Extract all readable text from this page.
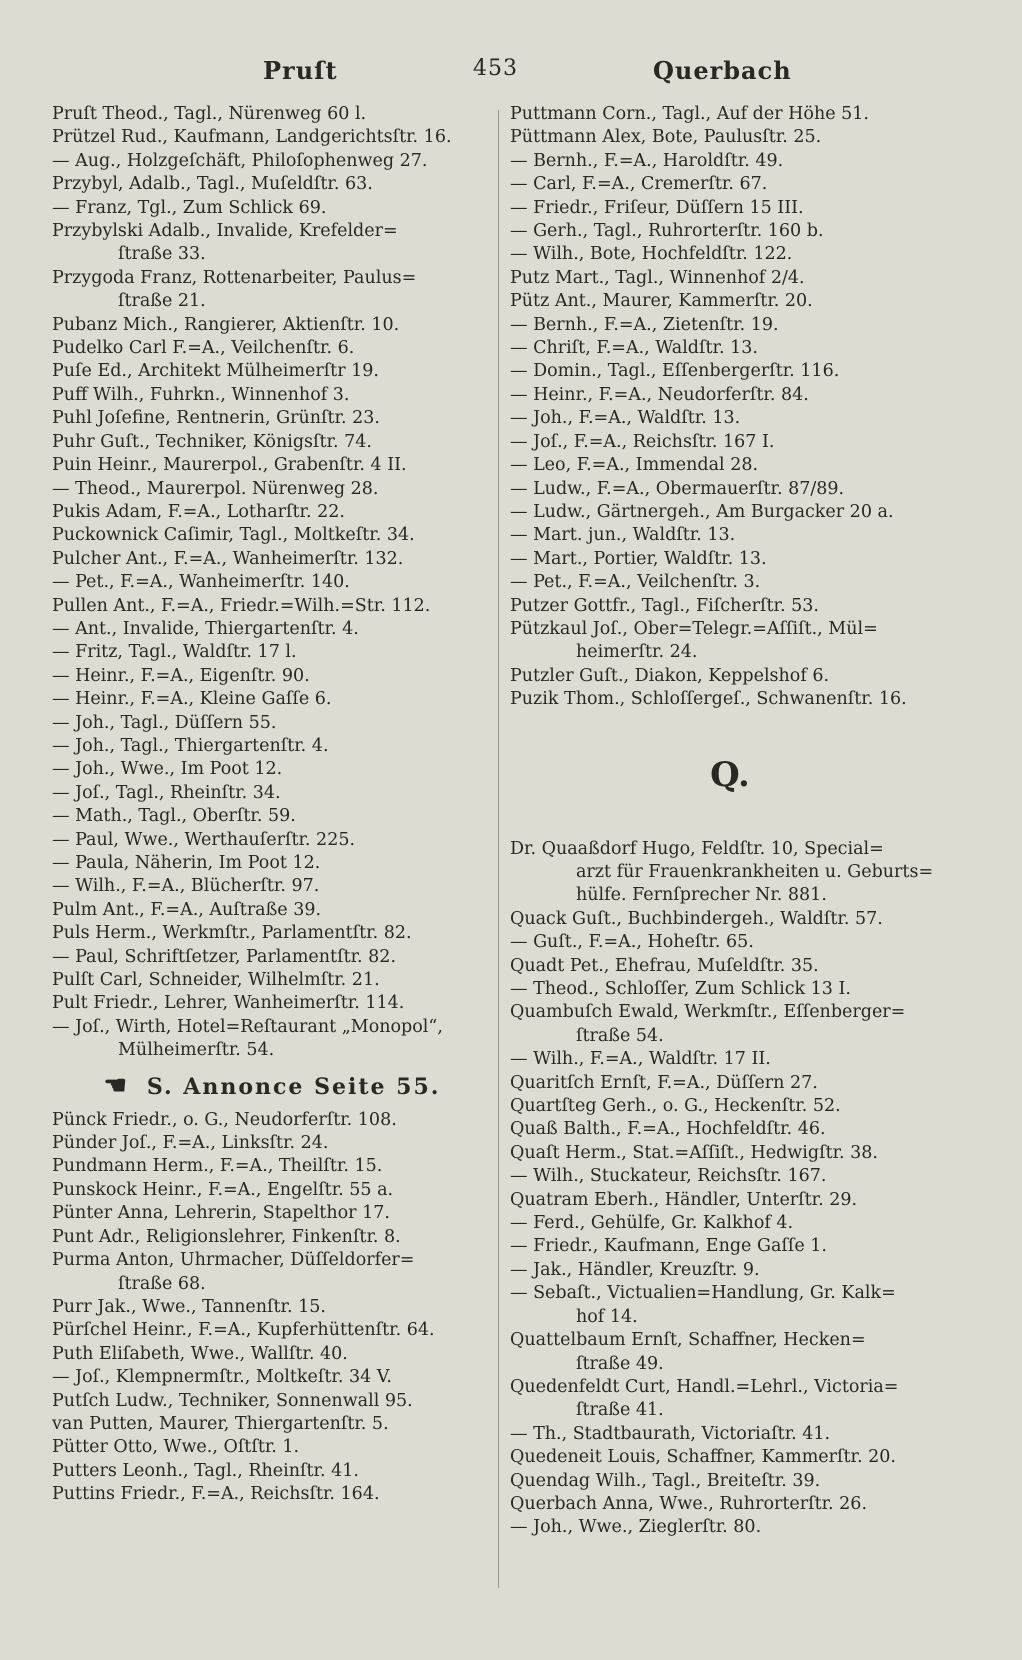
Pruſt	453	Querbach
Pruſt Theod., Tagl., Nürenweg 60 l.
Prützel Rud., Kaufmann, Landgerichtsſtr. 16.
— Aug., Holzgeſchäft, Philoſophenweg 27.
Przybyl, Adalb., Tagl., Muſeldſtr. 63.
— Franz, Tgl., Zum Schlick 69.
Przybylski Adalb., Invalide, Krefelder=
ſtraße 33.
Przygoda Franz, Rottenarbeiter, Paulus=
ſtraße 21.
Pubanz Mich., Rangierer, Aktienſtr. 10.
Pudelko Carl F.=A., Veilchenſtr. 6.
Puſe Ed., Architekt Mülheimerſtr 19.
Puff Wilh., Fuhrkn., Winnenhof 3.
Puhl Joſefine, Rentnerin, Grünſtr. 23.
Puhr Guſt., Techniker, Königsſtr. 74.
Puin Heinr., Maurerpol., Grabenſtr. 4 II.
— Theod., Maurerpol. Nürenweg 28.
Pukis Adam, F.=A., Lotharſtr. 22.
Puckownick Caſimir, Tagl., Moltkeſtr. 34.
Pulcher Ant., F.=A., Wanheimerſtr. 132.
— Pet., F.=A., Wanheimerſtr. 140.
Pullen Ant., F.=A., Friedr.=Wilh.=Str. 112.
— Ant., Invalide, Thiergartenſtr. 4.
— Fritz, Tagl., Waldſtr. 17 l.
— Heinr., F.=A., Eigenſtr. 90.
— Heinr., F.=A., Kleine Gaſſe 6.
— Joh., Tagl., Düſſern 55.
— Joh., Tagl., Thiergartenſtr. 4.
— Joh., Wwe., Im Poot 12.
— Joſ., Tagl., Rheinſtr. 34.
— Math., Tagl., Oberſtr. 59.
— Paul, Wwe., Werthauſerſtr. 225.
— Paula, Näherin, Im Poot 12.
— Wilh., F.=A., Blücherſtr. 97.
Pulm Ant., F.=A., Auſtraße 39.
Puls Herm., Werkmſtr., Parlamentſtr. 82.
— Paul, Schriftſetzer, Parlamentſtr. 82.
Pulſt Carl, Schneider, Wilhelmſtr. 21.
Pult Friedr., Lehrer, Wanheimerſtr. 114.
— Joſ., Wirth, Hotel=Reſtaurant „Monopol“,
Mülheimerſtr. 54.
☚ S. Annonce Seite 55.
Pünck Friedr., o. G., Neudorferſtr. 108.
Pünder Joſ., F.=A., Linksſtr. 24.
Pundmann Herm., F.=A., Theilſtr. 15.
Punskock Heinr., F.=A., Engelſtr. 55 a.
Pünter Anna, Lehrerin, Stapelthor 17.
Punt Adr., Religionslehrer, Finkenſtr. 8.
Purma Anton, Uhrmacher, Düſſeldorfer=
ſtraße 68.
Purr Jak., Wwe., Tannenſtr. 15.
Pürſchel Heinr., F.=A., Kupferhüttenſtr. 64.
Puth Eliſabeth, Wwe., Wallſtr. 40.
— Joſ., Klempnermſtr., Moltkeſtr. 34 V.
Putſch Ludw., Techniker, Sonnenwall 95.
van Putten, Maurer, Thiergartenſtr. 5.
Pütter Otto, Wwe., Oſtſtr. 1.
Putters Leonh., Tagl., Rheinſtr. 41.
Puttins Friedr., F.=A., Reichsſtr. 164.
Puttmann Corn., Tagl., Auf der Höhe 51.
Püttmann Alex, Bote, Paulusſtr. 25.
— Bernh., F.=A., Haroldſtr. 49.
— Carl, F.=A., Cremerſtr. 67.
— Friedr., Friſeur, Düſſern 15 III.
— Gerh., Tagl., Ruhrorterſtr. 160 b.
— Wilh., Bote, Hochfeldſtr. 122.
Putz Mart., Tagl., Winnenhof 2/4.
Pütz Ant., Maurer, Kammerſtr. 20.
— Bernh., F.=A., Zietenſtr. 19.
— Chriſt, F.=A., Waldſtr. 13.
— Domin., Tagl., Eſſenbergerſtr. 116.
— Heinr., F.=A., Neudorferſtr. 84.
— Joh., F.=A., Waldſtr. 13.
— Joſ., F.=A., Reichsſtr. 167 I.
— Leo, F.=A., Immendal 28.
— Ludw., F.=A., Obermauerſtr. 87/89.
— Ludw., Gärtnergeh., Am Burgacker 20 a.
— Mart. jun., Waldſtr. 13.
— Mart., Portier, Waldſtr. 13.
— Pet., F.=A., Veilchenſtr. 3.
Putzer Gottfr., Tagl., Fiſcherſtr. 53.
Pützkaul Joſ., Ober=Telegr.=Aſſiſt., Mül=
heimerſtr. 24.
Putzler Guſt., Diakon, Keppelshof 6.
Puzik Thom., Schloſſergeſ., Schwanenſtr. 16.
Q.
Dr. Quaaßdorf Hugo, Feldſtr. 10, Special=
arzt für Frauenkrankheiten u. Geburts=
hülfe. Fernſprecher Nr. 881.
Quack Guſt., Buchbindergeh., Waldſtr. 57.
— Guſt., F.=A., Hoheſtr. 65.
Quadt Pet., Ehefrau, Muſeldſtr. 35.
— Theod., Schloſſer, Zum Schlick 13 I.
Quambuſch Ewald, Werkmſtr., Eſſenberger=
ſtraße 54.
— Wilh., F.=A., Waldſtr. 17 II.
Quaritſch Ernſt, F.=A., Düſſern 27.
Quartſteg Gerh., o. G., Heckenſtr. 52.
Quaß Balth., F.=A., Hochfeldſtr. 46.
Quaſt Herm., Stat.=Aſſiſt., Hedwigſtr. 38.
— Wilh., Stuckateur, Reichsſtr. 167.
Quatram Eberh., Händler, Unterſtr. 29.
— Ferd., Gehülfe, Gr. Kalkhof 4.
— Friedr., Kaufmann, Enge Gaſſe 1.
— Jak., Händler, Kreuzſtr. 9.
— Sebaſt., Victualien=Handlung, Gr. Kalk=
hof 14.
Quattelbaum Ernſt, Schaffner, Hecken=
ſtraße 49.
Quedenfeldt Curt, Handl.=Lehrl., Victoria=
ſtraße 41.
— Th., Stadtbaurath, Victoriaſtr. 41.
Quedeneit Louis, Schaffner, Kammerſtr. 20.
Quendag Wilh., Tagl., Breiteſtr. 39.
Querbach Anna, Wwe., Ruhrorterſtr. 26.
— Joh., Wwe., Zieglerſtr. 80.
